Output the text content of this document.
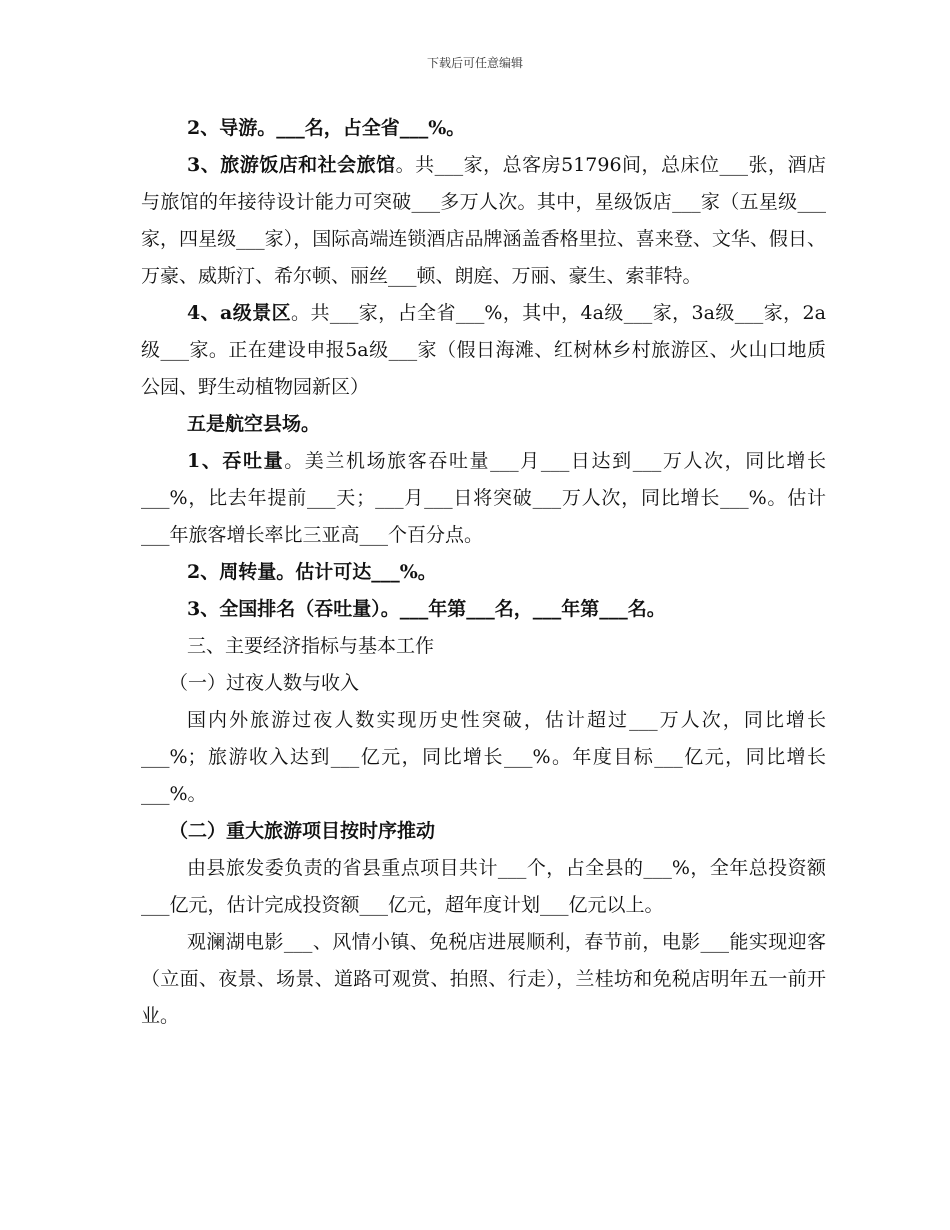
下载后可任意编辑

2、导游。___名，占全省___%。

3、旅游饭店和社会旅馆。共___家，总客房51796间，总床位___张，酒店与旅馆的年接待设计能力可突破___多万人次。其中，星级饭店___家（五星级___家，四星级___家），国际高端连锁酒店品牌涵盖香格里拉、喜来登、文华、假日、万豪、威斯汀、希尔顿、丽丝___顿、朗庭、万丽、豪生、索菲特。

4、a级景区。共___家，占全省___%，其中，4a级___家，3a级___家，2a级___家。正在建设申报5a级___家（假日海滩、红树林乡村旅游区、火山口地质公园、野生动植物园新区）

五是航空县场。

1、吞吐量。美兰机场旅客吞吐量___月___日达到___万人次，同比增长___%，比去年提前___天；___月___日将突破___万人次，同比增长___%。估计___年旅客增长率比三亚高___个百分点。

2、周转量。估计可达___%。

3、全国排名（吞吐量）。___年第___名，___年第___名。

三、主要经济指标与基本工作

（一）过夜人数与收入

国内外旅游过夜人数实现历史性突破，估计超过___万人次，同比增长___%；旅游收入达到___亿元，同比增长___%。年度目标___亿元，同比增长___%。

（二）重大旅游项目按时序推动

由县旅发委负责的省县重点项目共计___个，占全县的___%，全年总投资额___亿元，估计完成投资额___亿元，超年度计划___亿元以上。

观澜湖电影___、风情小镇、免税店进展顺利，春节前，电影___能实现迎客（立面、夜景、场景、道路可观赏、拍照、行走），兰桂坊和免税店明年五一前开业。
